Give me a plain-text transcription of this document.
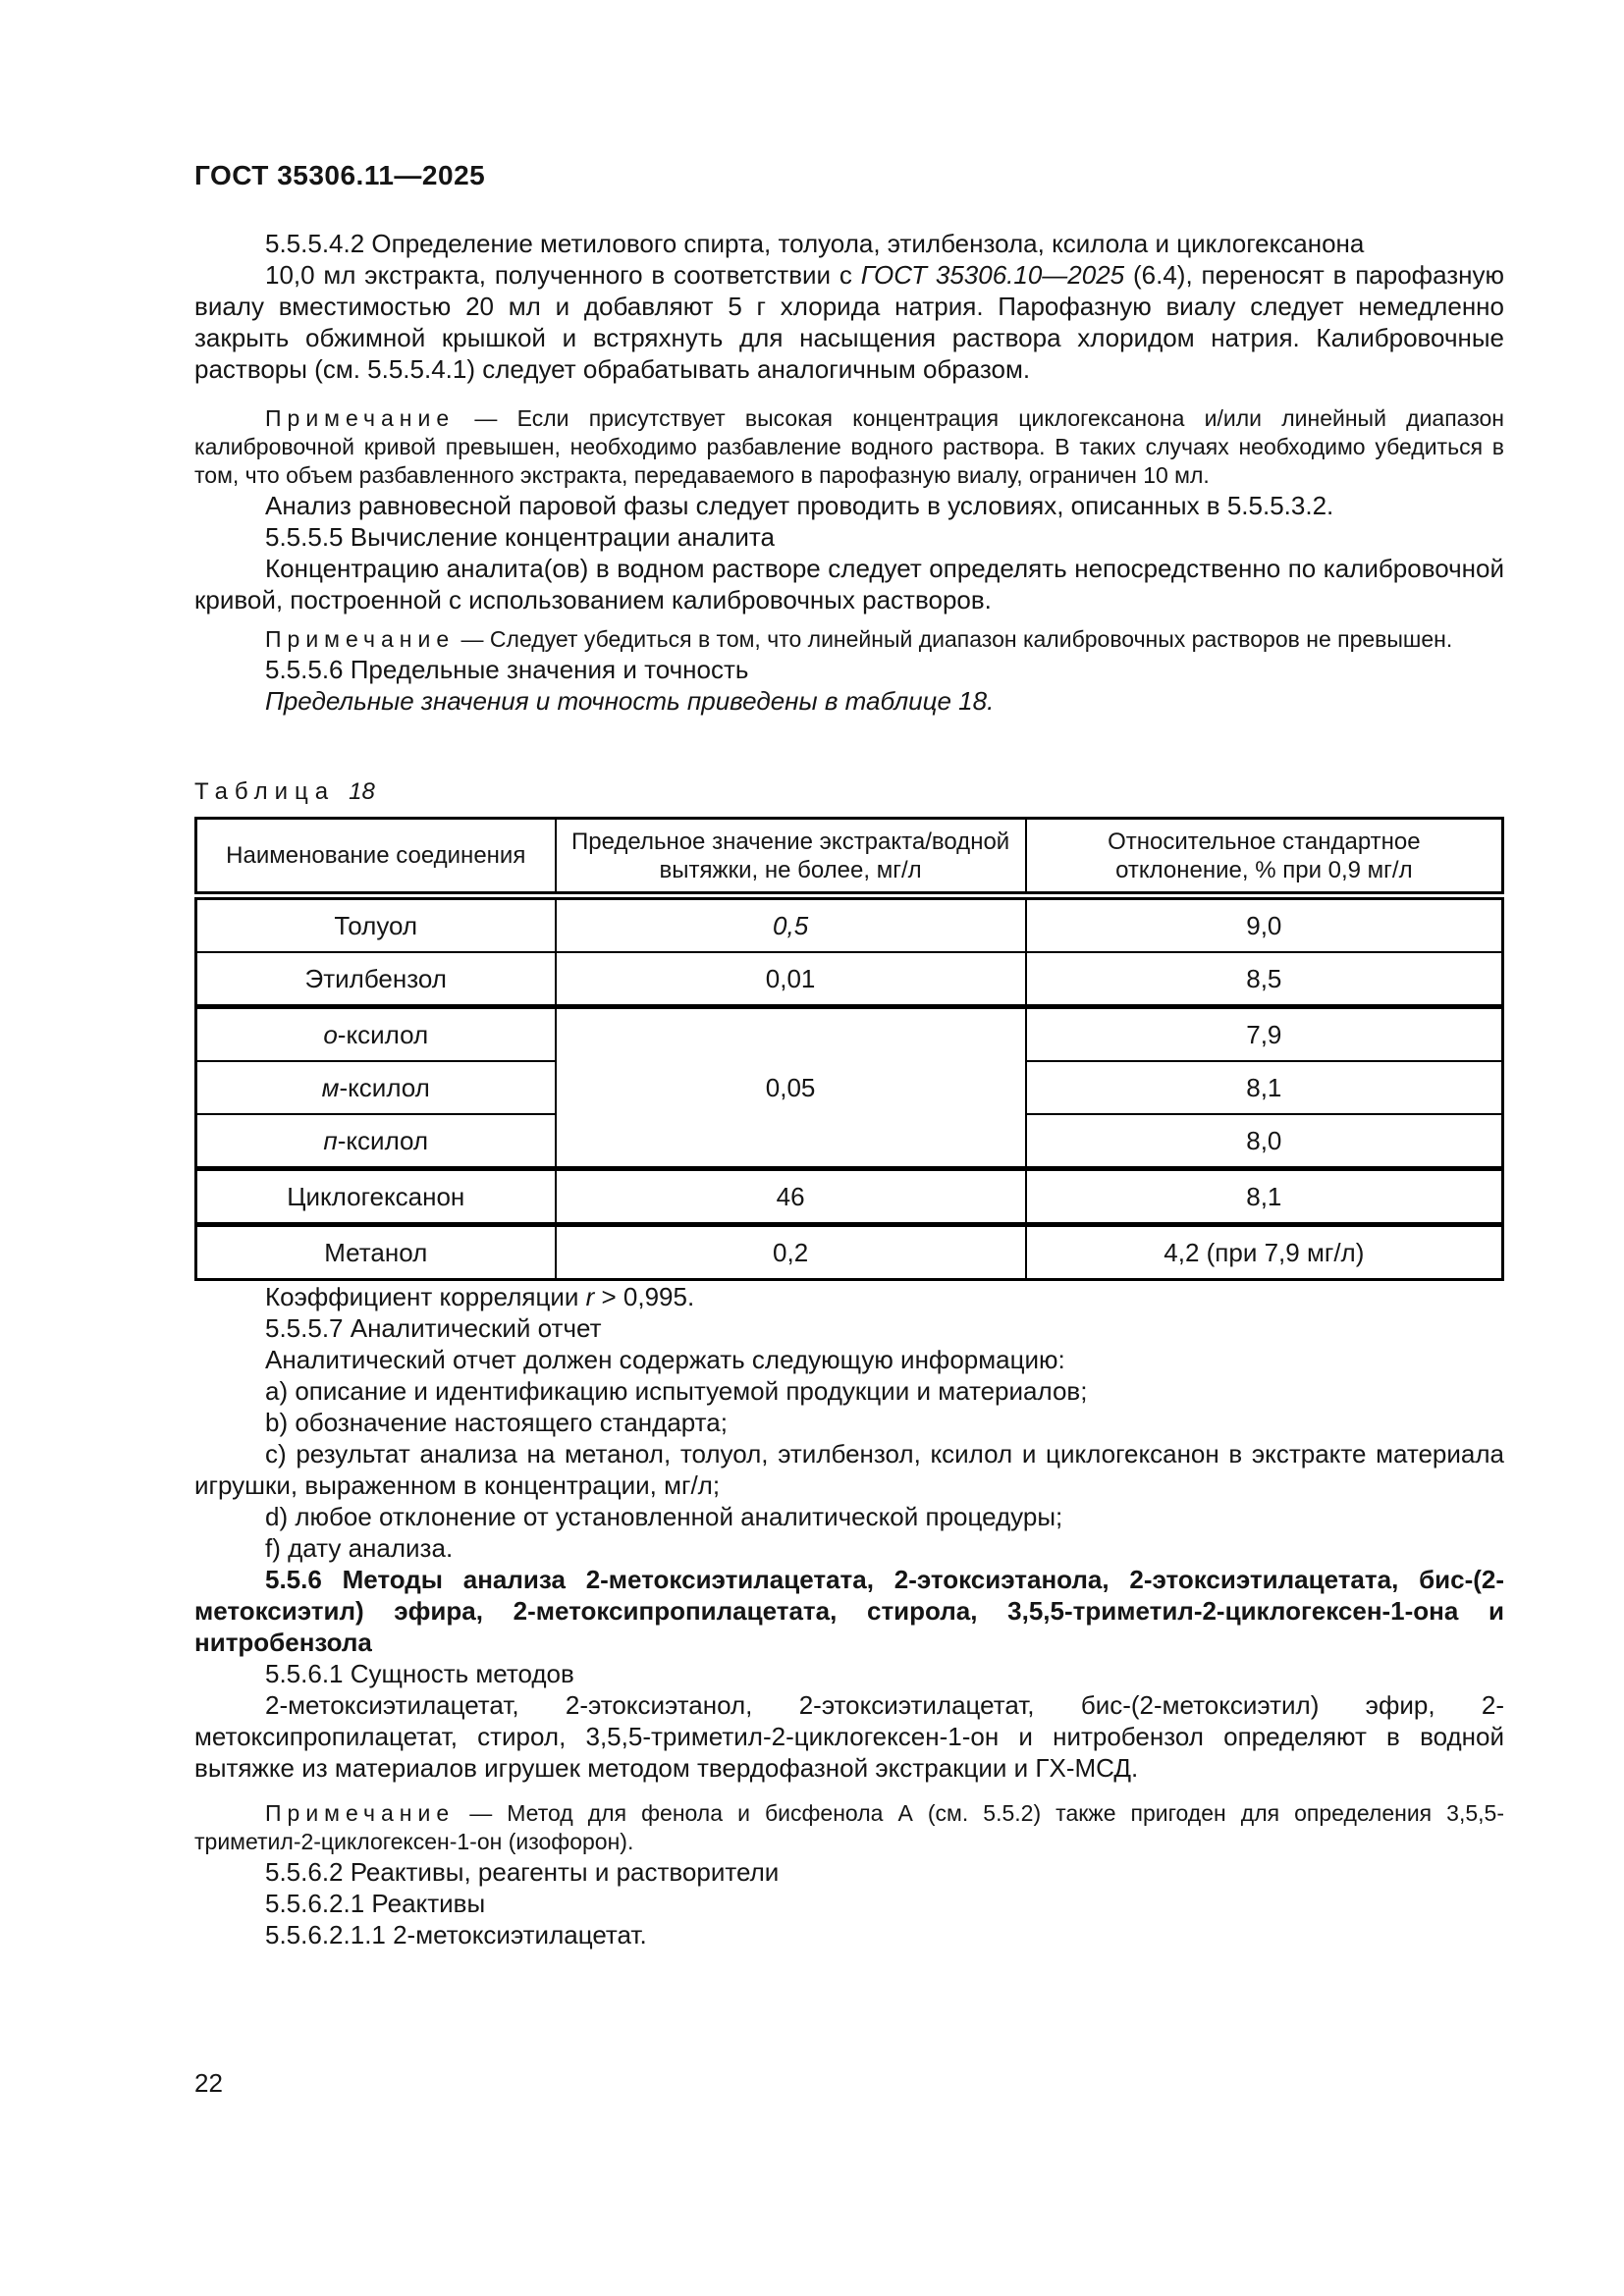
ГОСТ 35306.11—2025

5.5.5.4.2 Определение метилового спирта, толуола, этилбензола, ксилола и циклогексанона

10,0 мл экстракта, полученного в соответствии с ГОСТ 35306.10—2025 (6.4), переносят в парофазную виалу вместимостью 20 мл и добавляют 5 г хлорида натрия. Парофазную виалу следует немедленно закрыть обжимной крышкой и встряхнуть для насыщения раствора хлоридом натрия. Калибровочные растворы (см. 5.5.5.4.1) следует обрабатывать аналогичным образом.

Примечание — Если присутствует высокая концентрация циклогексанона и/или линейный диапазон калибровочной кривой превышен, необходимо разбавление водного раствора. В таких случаях необходимо убедиться в том, что объем разбавленного экстракта, передаваемого в парофазную виалу, ограничен 10 мл.

Анализ равновесной паровой фазы следует проводить в условиях, описанных в 5.5.5.3.2.

5.5.5.5 Вычисление концентрации аналита

Концентрацию аналита(ов) в водном растворе следует определять непосредственно по калибровочной кривой, построенной с использованием калибровочных растворов.

Примечание — Следует убедиться в том, что линейный диапазон калибровочных растворов не превышен.

5.5.5.6 Предельные значения и точность

Предельные значения и точность приведены в таблице 18.

Таблица 18
Наименование соединения	Предельное значение экстракта/водной вытяжки, не более, мг/л	Относительное стандартное отклонение, % при 0,9 мг/л
Толуол	0,5	9,0
Этилбензол	0,01	8,5
о-ксилол	0,05	7,9
м-ксилол		8,1
п-ксилол		8,0
Циклогексанон	46	8,1
Метанол	0,2	4,2 (при 7,9 мг/л)

Коэффициент корреляции r > 0,995.

5.5.5.7 Аналитический отчет

Аналитический отчет должен содержать следующую информацию:

a) описание и идентификацию испытуемой продукции и материалов;

b) обозначение настоящего стандарта;

c) результат анализа на метанол, толуол, этилбензол, ксилол и циклогексанон в экстракте материала игрушки, выраженном в концентрации, мг/л;

d) любое отклонение от установленной аналитической процедуры;

f) дату анализа.

5.5.6 Методы анализа 2-метоксиэтилацетата, 2-этоксиэтанола, 2-этоксиэтилацетата, бис-(2-метоксиэтил) эфира, 2-метоксипропилацетата, стирола, 3,5,5-триметил-2-циклогексен-1-она и нитробензола

5.5.6.1 Сущность методов

2-метоксиэтилацетат, 2-этоксиэтанол, 2-этоксиэтилацетат, бис-(2-метоксиэтил) эфир, 2-метоксипропилацетат, стирол, 3,5,5-триметил-2-циклогексен-1-он и нитробензол определяют в водной вытяжке из материалов игрушек методом твердофазной экстракции и ГХ-МСД.

Примечание — Метод для фенола и бисфенола А (см. 5.5.2) также пригоден для определения 3,5,5-триметил-2-циклогексен-1-он (изофорон).

5.5.6.2 Реактивы, реагенты и растворители

5.5.6.2.1 Реактивы

5.5.6.2.1.1 2-метоксиэтилацетат.

22
